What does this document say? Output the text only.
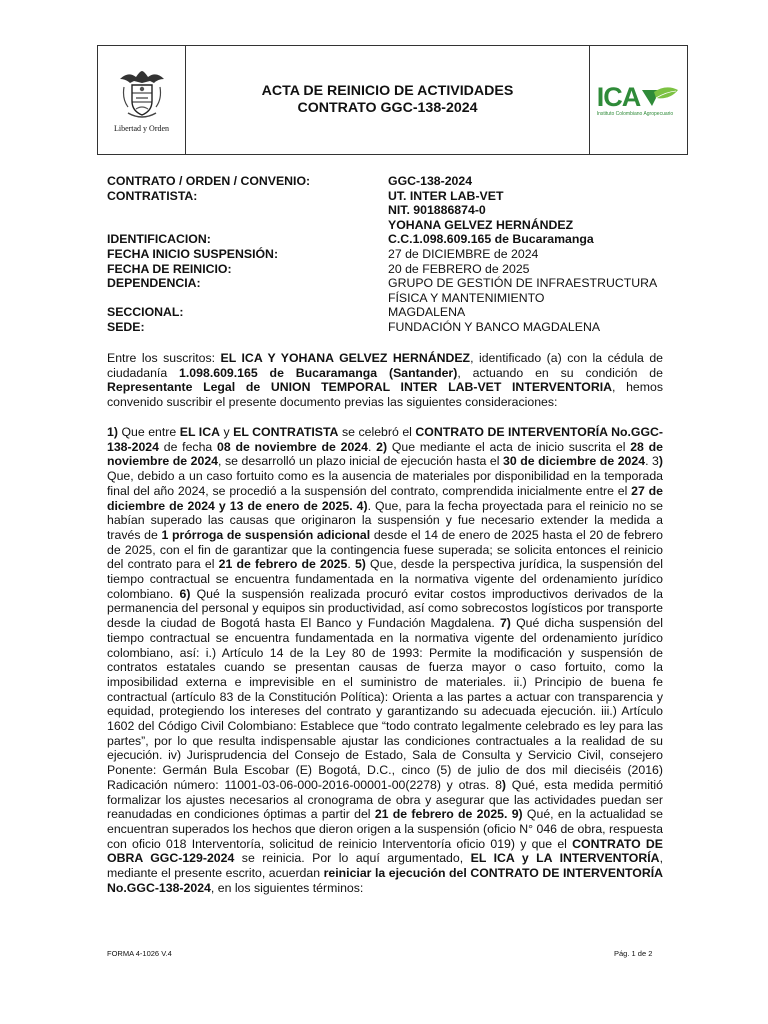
Libertad y Orden
ACTA DE REINICIO DE ACTIVIDADES
CONTRATO GGC-138-2024	ICA
Instituto Colombiano Agropecuario
CONTRATO / ORDEN / CONVENIO:	GGC-138-2024
CONTRATISTA:	UT. INTER LAB-VET
NIT. 901886874-0
YOHANA GELVEZ HERNÁNDEZ
IDENTIFICACION:	C.C.1.098.609.165 de Bucaramanga
FECHA INICIO SUSPENSIÓN:	27 de DICIEMBRE de 2024
FECHA DE REINICIO:	20 de FEBRERO de 2025
DEPENDENCIA:	GRUPO DE GESTIÓN DE INFRAESTRUCTURA
FÍSICA Y MANTENIMIENTO
SECCIONAL:	MAGDALENA
SEDE:	FUNDACIÓN Y BANCO MAGDALENA
Entre los suscritos: EL ICA Y YOHANA GELVEZ HERNÁNDEZ, identificado (a) con la cédula de ciudadanía 1.098.609.165 de Bucaramanga (Santander), actuando en su condición de Representante Legal de UNION TEMPORAL INTER LAB-VET INTERVENTORIA, hemos convenido suscribir el presente documento previas las siguientes consideraciones:
1) Que entre EL ICA y EL CONTRATISTA se celebró el CONTRATO DE INTERVENTORÍA No.GGC-138-2024 de fecha 08 de noviembre de 2024. 2) Que mediante el acta de inicio suscrita el 28 de noviembre de 2024, se desarrolló un plazo inicial de ejecución hasta el 30 de diciembre de 2024. 3) Que, debido a un caso fortuito como es la ausencia de materiales por disponibilidad en la temporada final del año 2024, se procedió a la suspensión del contrato, comprendida inicialmente entre el 27 de diciembre de 2024 y 13 de enero de 2025. 4). Que, para la fecha proyectada para el reinicio no se habían superado las causas que originaron la suspensión y fue necesario extender la medida a través de 1 prórroga de suspensión adicional desde el 14 de enero de 2025 hasta el 20 de febrero de 2025, con el fin de garantizar que la contingencia fuese superada; se solicita entonces el reinicio del contrato para el 21 de febrero de 2025. 5) Que, desde la perspectiva jurídica, la suspensión del tiempo contractual se encuentra fundamentada en la normativa vigente del ordenamiento jurídico colombiano. 6) Qué la suspensión realizada procuró evitar costos improductivos derivados de la permanencia del personal y equipos sin productividad, así como sobrecostos logísticos por transporte desde la ciudad de Bogotá hasta El Banco y Fundación Magdalena. 7) Qué dicha suspensión del tiempo contractual se encuentra fundamentada en la normativa vigente del ordenamiento jurídico colombiano, así: i.) Artículo 14 de la Ley 80 de 1993: Permite la modificación y suspensión de contratos estatales cuando se presentan causas de fuerza mayor o caso fortuito, como la imposibilidad externa e imprevisible en el suministro de materiales. ii.) Principio de buena fe contractual (artículo 83 de la Constitución Política): Orienta a las partes a actuar con transparencia y equidad, protegiendo los intereses del contrato y garantizando su adecuada ejecución. iii.) Artículo 1602 del Código Civil Colombiano: Establece que “todo contrato legalmente celebrado es ley para las partes”, por lo que resulta indispensable ajustar las condiciones contractuales a la realidad de su ejecución. iv) Jurisprudencia del Consejo de Estado, Sala de Consulta y Servicio Civil, consejero Ponente: Germán Bula Escobar (E) Bogotá, D.C., cinco (5) de julio de dos mil dieciséis (2016) Radicación número: 11001-03-06-000-2016-00001-00(2278) y otras. 8) Qué, esta medida permitió formalizar los ajustes necesarios al cronograma de obra y asegurar que las actividades puedan ser reanudadas en condiciones óptimas a partir del 21 de febrero de 2025. 9) Qué, en la actualidad se encuentran superados los hechos que dieron origen a la suspensión (oficio N° 046 de obra, respuesta con oficio 018 Interventoría, solicitud de reinicio Interventoría oficio 019) y que el CONTRATO DE OBRA GGC-129-2024 se reinicia. Por lo aquí argumentado, EL ICA y LA INTERVENTORÍA, mediante el presente escrito, acuerdan reiniciar la ejecución del CONTRATO DE INTERVENTORÍA No.GGC-138-2024, en los siguientes términos:
FORMA 4-1026 V.4	Pág. 1 de 2
